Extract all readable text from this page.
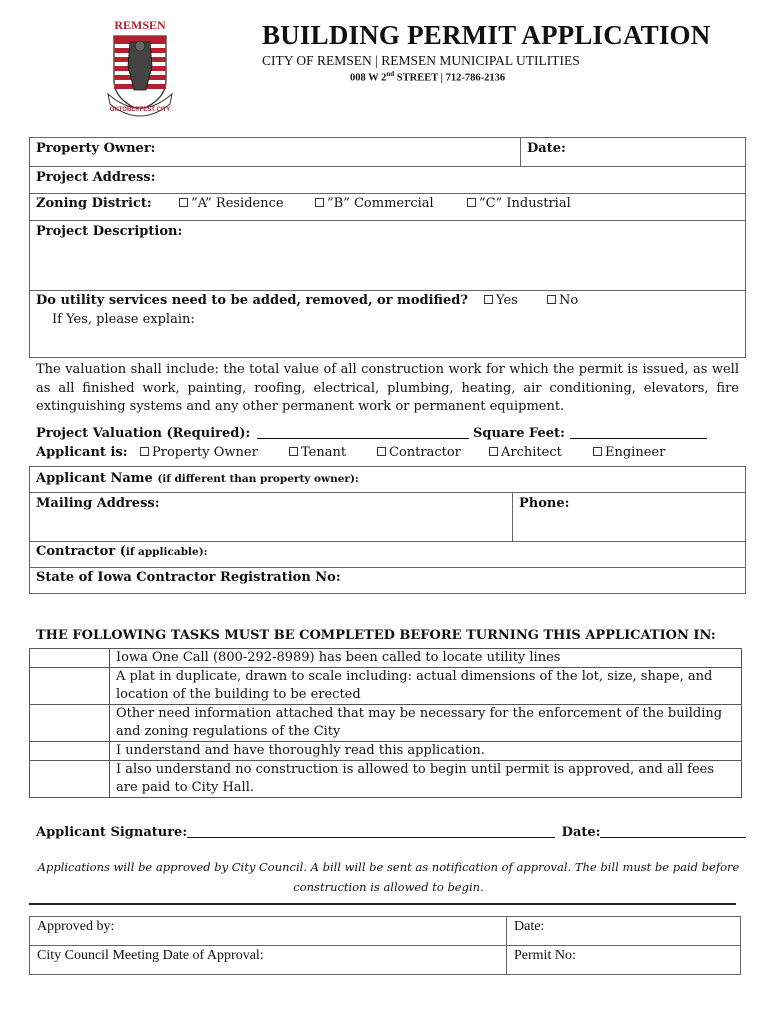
REMSEN
OKTOBERFEST CITY
BUILDING PERMIT APPLICATION
CITY OF REMSEN | REMSEN MUNICIPAL UTILITIES
008 W 2nd STREET | 712-786-2136
Property Owner:	Date:
Project Address:
Zoning District:	”A” Residence	”B” Commercial	”C” Industrial
Project Description:
Do utility services need to be added, removed, or modified?	Yes	No
If Yes, please explain:
The valuation shall include: the total value of all construction work for which the permit is issued, as well as all finished work, painting, roofing, electrical, plumbing, heating, air conditioning, elevators, fire extinguishing systems and any other permanent work or permanent equipment.
Project Valuation (Required):	Square Feet:
Applicant is:	Property Owner	Tenant	Contractor	Architect	Engineer
Applicant Name (if different than property owner):
Mailing Address:	Phone:
Contractor (if applicable):
State of Iowa Contractor Registration No:
THE FOLLOWING TASKS MUST BE COMPLETED BEFORE TURNING THIS APPLICATION IN:
	Iowa One Call (800-292-8989) has been called to locate utility lines
	A plat in duplicate, drawn to scale including: actual dimensions of the lot, size, shape, and location of the building to be erected
	Other need information attached that may be necessary for the enforcement of the building and zoning regulations of the City
	I understand and have thoroughly read this application.
	I also understand no construction is allowed to begin until permit is approved, and all fees are paid to City Hall.
Applicant Signature:	Date:
Applications will be approved by City Council. A bill will be sent as notification of approval. The bill must be paid before construction is allowed to begin.
Approved by:	Date:
City Council Meeting Date of Approval:	Permit No:
